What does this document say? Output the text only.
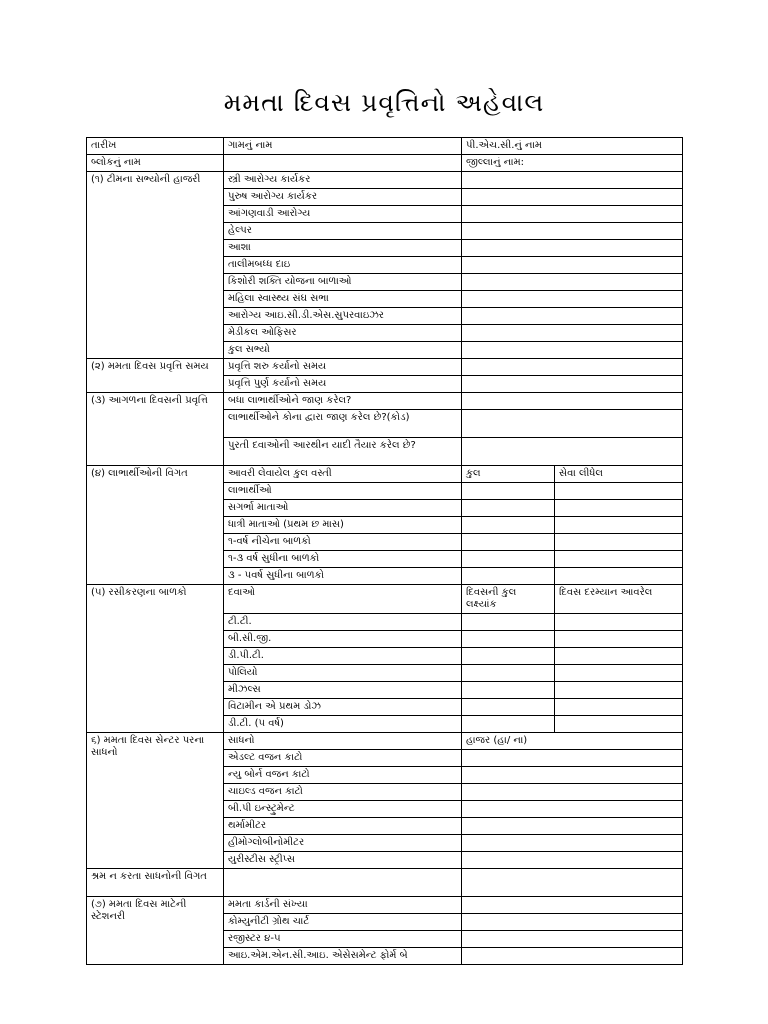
મમતા દિવસ પ્રવૃત્તિનો અહેવાલ
તારીખ	ગામનું નામ	પી.એચ.સી.નું નામ	
બ્લોકનું નામ		જીલ્લાનું નામ:	
(૧) ટીમના સભ્યોની હાજરી	સ્ત્રી આરોગ્ય કાર્યકર		
	પુરુષ આરોગ્ય કાર્યકર		
	આંગણવાડી આરોગ્ય		
	હેલ્પર		
	આશા		
	તાલીમબધ્ધ દાઇ		
	કિશોરી શક્તિ યોજના બાળાઓ		
	મહિલા સ્વાસ્થ્ય સંઘ સભા		
	આરોગ્ય આઇ.સી.ડી.એસ.સુપરવાઇઝર		
	મેડીકલ ઓફિસર		
	કુલ સભ્યો		
(૨) મમતા દિવસ પ્રવૃત્તિ સમય	પ્રવૃત્તિ શરુ કર્યાનો સમય		
	પ્રવૃત્તિ પુર્ણ કર્યાનો સમય		
(૩) આગળના દિવસની પ્રવૃત્તિ	બધા લાભાર્થીઓને જાણ કરેલ?		
	લાભાર્થીઓને કોના દ્વારા જાણ કરેલ છે?(કોડ)		
	પુરતી દવાઓની આરથીન યાદી તૈયાર કરેલ છે?		
(૪) લાભાર્થીઓની વિગત	આવરી લેવાયેલ કુલ વસ્તી	કુલ	સેવા લીધેલ
	લાભાર્થીઓ		
	સગર્ભા માતાઓ		
	ધાત્રી માતાઓ (પ્રથમ છ માસ)		
	૧-વર્ષ નીચેના બાળકો		
	૧-૩ વર્ષ સુધીના બાળકો		
	૩ - ૫વર્ષ સુધીના બાળકો		
(૫) રસીકરણના બાળકો	દવાઓ	દિવસની કુલ લક્ષ્યાંક	દિવસ દરમ્યાન આવરેલ
	ટી.ટી.		
	બી.સી.જી.		
	ડી.પી.ટી.		
	પોલિયો		
	મીઝલ્સ		
	વિટામીન એ પ્રથમ ડોઝ		
	ડી.ટી. (૫ વર્ષ)		
૬) મમતા દિવસ સેન્ટર પરના સાધનો	સાધનો	હાજર (હા/ ના)	
	એડલ્ટ વજન કાટો		
	ન્યુ બોર્ન વજન કાટો		
	ચાઇલ્ડ વજન કાટો		
	બી.પી ઇન્સ્ટ્રુમેન્ટ		
	થર્મામીટર		
	હીમોગ્લોબીનોમીટર		
	યુરીસ્ટીસ સ્ટ્રીપ્સ		
શ્રમ ન કરતા સાધનોની વિગત			
(૭) મમતા દિવસ માટેની સ્ટેશનરી	મમતા કાર્ડની સંખ્યા		
	કોમ્યુનીટી ગ્રોથ ચાર્ટ		
	રજીસ્ટર ૪-૫		
	આઇ.એમ.એન.સી.આઇ. એસેસમેન્ટ ફોર્મ બે		
